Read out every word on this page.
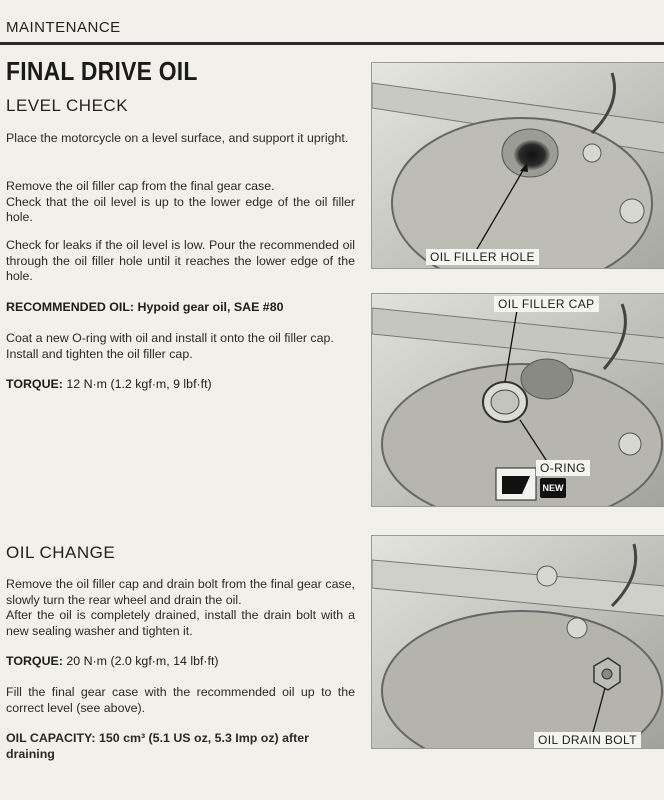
MAINTENANCE
FINAL DRIVE OIL
LEVEL CHECK
Place the motorcycle on a level surface, and support it upright.
Remove the oil filler cap from the final gear case.
Check that the oil level is up to the lower edge of the oil filler hole.
Check for leaks if the oil level is low. Pour the recommended oil through the oil filler hole until it reaches the lower edge of the hole.
RECOMMENDED OIL: Hypoid gear oil, SAE #80
Coat a new O-ring with oil and install it onto the oil filler cap.
Install and tighten the oil filler cap.
TORQUE: 12 N·m (1.2 kgf·m, 9 lbf·ft)
OIL CHANGE
Remove the oil filler cap and drain bolt from the final gear case, slowly turn the rear wheel and drain the oil.
After the oil is completely drained, install the drain bolt with a new sealing washer and tighten it.
TORQUE: 20 N·m (2.0 kgf·m, 14 lbf·ft)
Fill the final gear case with the recommended oil up to the correct level (see above).
OIL CAPACITY: 150 cm³ (5.1 US oz, 5.3 Imp oz) after draining
OIL FILLER HOLE
OIL FILLER CAP
O-RING
NEW
OIL DRAIN BOLT
